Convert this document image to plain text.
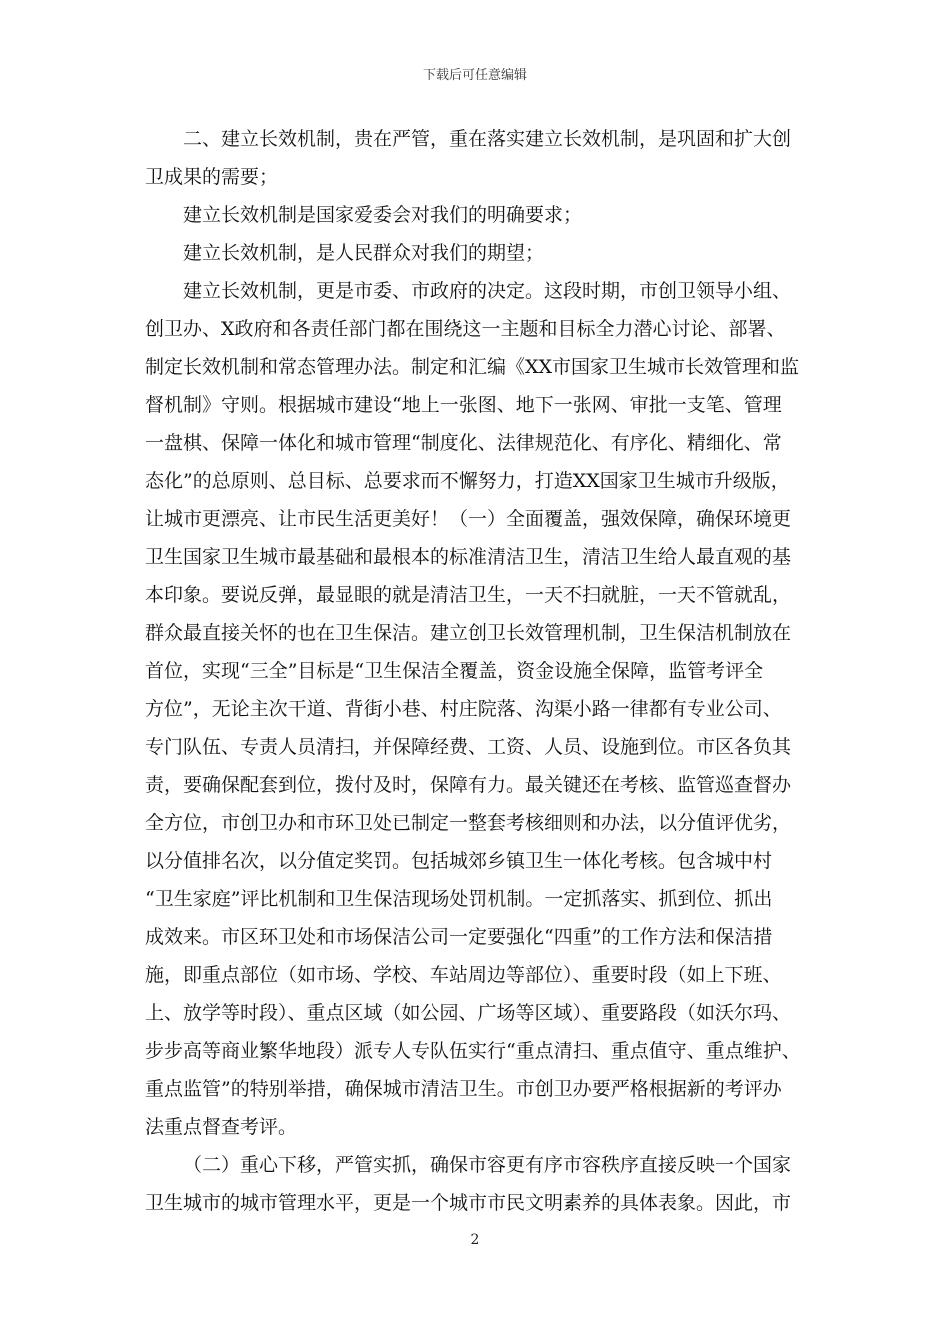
下载后可任意编辑
二、建立长效机制，贵在严管，重在落实建立长效机制，是巩固和扩大创
卫成果的需要；
建立长效机制是国家爱委会对我们的明确要求；
建立长效机制，是人民群众对我们的期望；
建立长效机制，更是市委、市政府的决定。这段时期，市创卫领导小组、
创卫办、X政府和各责任部门都在围绕这一主题和目标全力潜心讨论、部署、
制定长效机制和常态管理办法。制定和汇编《XX市国家卫生城市长效管理和监
督机制》守则。根据城市建设“地上一张图、地下一张网、审批一支笔、管理
一盘棋、保障一体化和城市管理“制度化、法律规范化、有序化、精细化、常
态化”的总原则、总目标、总要求而不懈努力，打造XX国家卫生城市升级版，
让城市更漂亮、让市民生活更美好！（一）全面覆盖，强效保障，确保环境更
卫生国家卫生城市最基础和最根本的标准清洁卫生，清洁卫生给人最直观的基
本印象。要说反弹，最显眼的就是清洁卫生，一天不扫就脏，一天不管就乱，
群众最直接关怀的也在卫生保洁。建立创卫长效管理机制，卫生保洁机制放在
首位，实现“三全”目标是“卫生保洁全覆盖，资金设施全保障，监管考评全
方位”，无论主次干道、背街小巷、村庄院落、沟渠小路一律都有专业公司、
专门队伍、专责人员清扫，并保障经费、工资、人员、设施到位。市区各负其
责，要确保配套到位，拨付及时，保障有力。最关键还在考核、监管巡查督办
全方位，市创卫办和市环卫处已制定一整套考核细则和办法，以分值评优劣，
以分值排名次，以分值定奖罚。包括城郊乡镇卫生一体化考核。包含城中村
“卫生家庭”评比机制和卫生保洁现场处罚机制。一定抓落实、抓到位、抓出
成效来。市区环卫处和市场保洁公司一定要强化“四重”的工作方法和保洁措
施，即重点部位（如市场、学校、车站周边等部位）、重要时段（如上下班、
上、放学等时段）、重点区域（如公园、广场等区域）、重要路段（如沃尔玛、
步步高等商业繁华地段）派专人专队伍实行“重点清扫、重点值守、重点维护、
重点监管”的特别举措，确保城市清洁卫生。市创卫办要严格根据新的考评办
法重点督查考评。
（二）重心下移，严管实抓，确保市容更有序市容秩序直接反映一个国家
卫生城市的城市管理水平，更是一个城市市民文明素养的具体表象。因此，市
2
